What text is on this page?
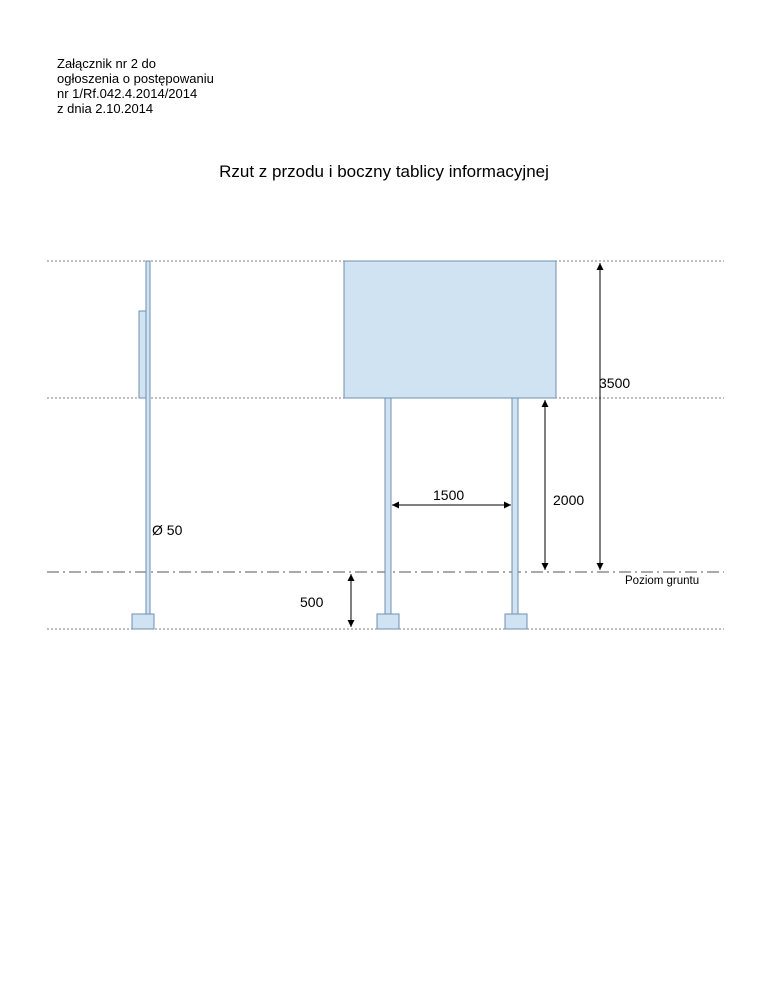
Załącznik nr 2 do
ogłoszenia o postępowaniu
nr 1/Rf.042.4.2014/2014
z dnia 2.10.2014
Rzut z przodu i boczny tablicy informacyjnej
3500
2000
1500
Ø 50
500
Poziom gruntu
